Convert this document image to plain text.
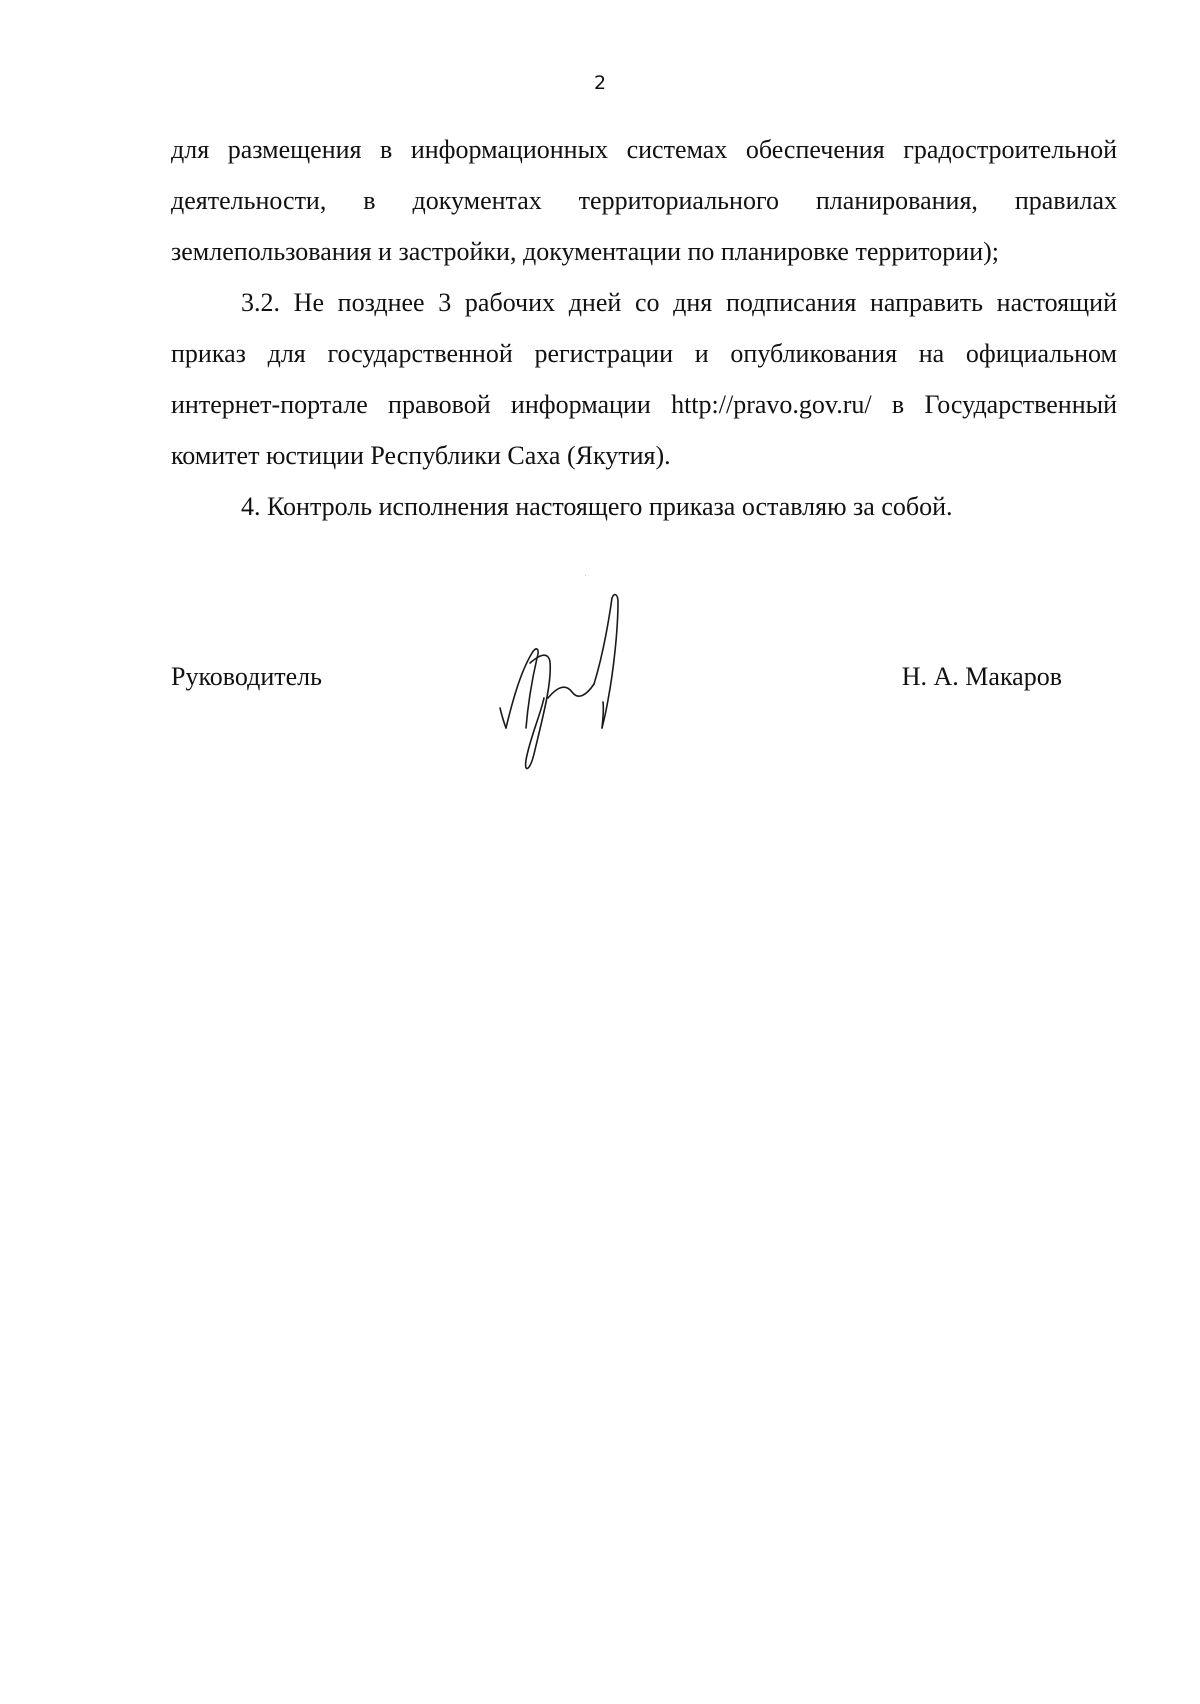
2

для размещения в информационных системах обеспечения градостроительной деятельности, в документах территориального планирования, правилах землепользования и застройки, документации по планировке территории);

3.2. Не позднее 3 рабочих дней со дня подписания направить настоящий приказ для государственной регистрации и опубликования на официальном интернет-портале правовой информации http://pravo.gov.ru/ в Государственный комитет юстиции Республики Саха (Якутия).

4. Контроль исполнения настоящего приказа оставляю за собой.

Руководитель	Н. А. Макаров
